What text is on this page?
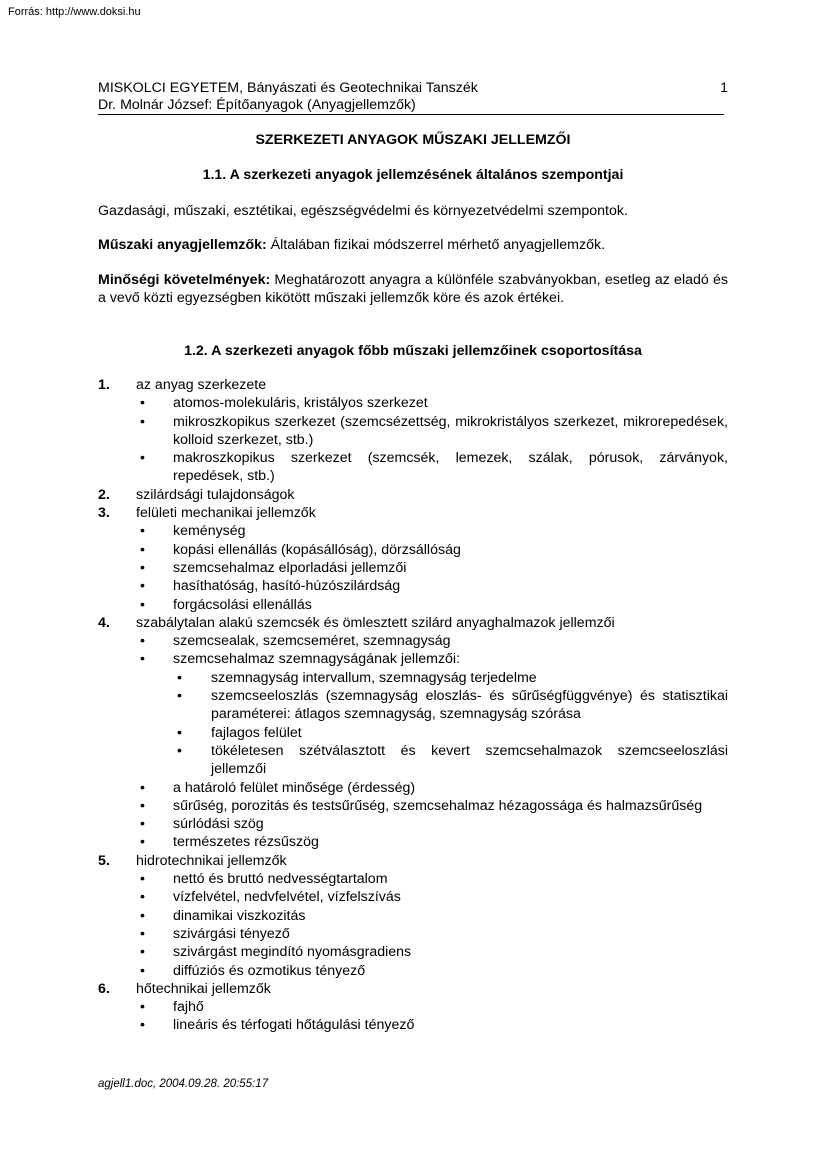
Forrás: http://www.doksi.hu
MISKOLCI EGYETEM, Bányászati és Geotechnikai Tanszék	1
Dr. Molnár József: Építőanyagok (Anyagjellemzők)
SZERKEZETI ANYAGOK MŰSZAKI JELLEMZŐI
1.1. A szerkezeti anyagok jellemzésének általános szempontjai
Gazdasági, műszaki, esztétikai, egészségvédelmi és környezetvédelmi szempontok.
Műszaki anyagjellemzők: Általában fizikai módszerrel mérhető anyagjellemzők.
Minőségi követelmények: Meghatározott anyagra a különféle szabványokban, esetleg az eladó és a vevő közti egyezségben kikötött műszaki jellemzők köre és azok értékei.
1.2. A szerkezeti anyagok főbb műszaki jellemzőinek csoportosítása
1. az anyag szerkezete
• atomos-molekuláris, kristályos szerkezet
• mikroszkopikus szerkezet (szemcsézettség, mikrokristályos szerkezet, mikrorepedések, kolloid szerkezet, stb.)
• makroszkopikus szerkezet (szemcsék, lemezek, szálak, pórusok, zárványok, repedések, stb.)
2. szilárdsági tulajdonságok
3. felületi mechanikai jellemzők
• keménység
• kopási ellenállás (kopásállóság), dörzsállóság
• szemcsehalmaz elporladási jellemzői
• hasíthatóság, hasító-húzószilárdság
• forgácsolási ellenállás
4. szabálytalan alakú szemcsék és ömlesztett szilárd anyaghalmazok jellemzői
• szemcsealak, szemcseméret, szemnagyság
• szemcsehalmaz szemnagyságának jellemzői:
• szemnagyság intervallum, szemnagyság terjedelme
• szemcseeloszlás (szemnagyság eloszlás- és sűrűségfüggvénye) és statisztikai paraméterei: átlagos szemnagyság, szemnagyság szórása
• fajlagos felület
• tökéletesen szétválasztott és kevert szemcsehalmazok szemcseeloszlási jellemzői
• a határoló felület minősége (érdesség)
• sűrűség, porozitás és testsűrűség, szemcsehalmaz hézagossága és halmazsűrűség
• súrlódási szög
• természetes rézsűszög
5. hidrotechnikai jellemzők
• nettó és bruttó nedvességtartalom
• vízfelvétel, nedvfelvétel, vízfelszívás
• dinamikai viszkozitás
• szivárgási tényező
• szivárgást megindító nyomásgradiens
• diffúziós és ozmotikus tényező
6. hőtechnikai jellemzők
• fajhő
• lineáris és térfogati hőtágulási tényező
agjell1.doc, 2004.09.28. 20:55:17
